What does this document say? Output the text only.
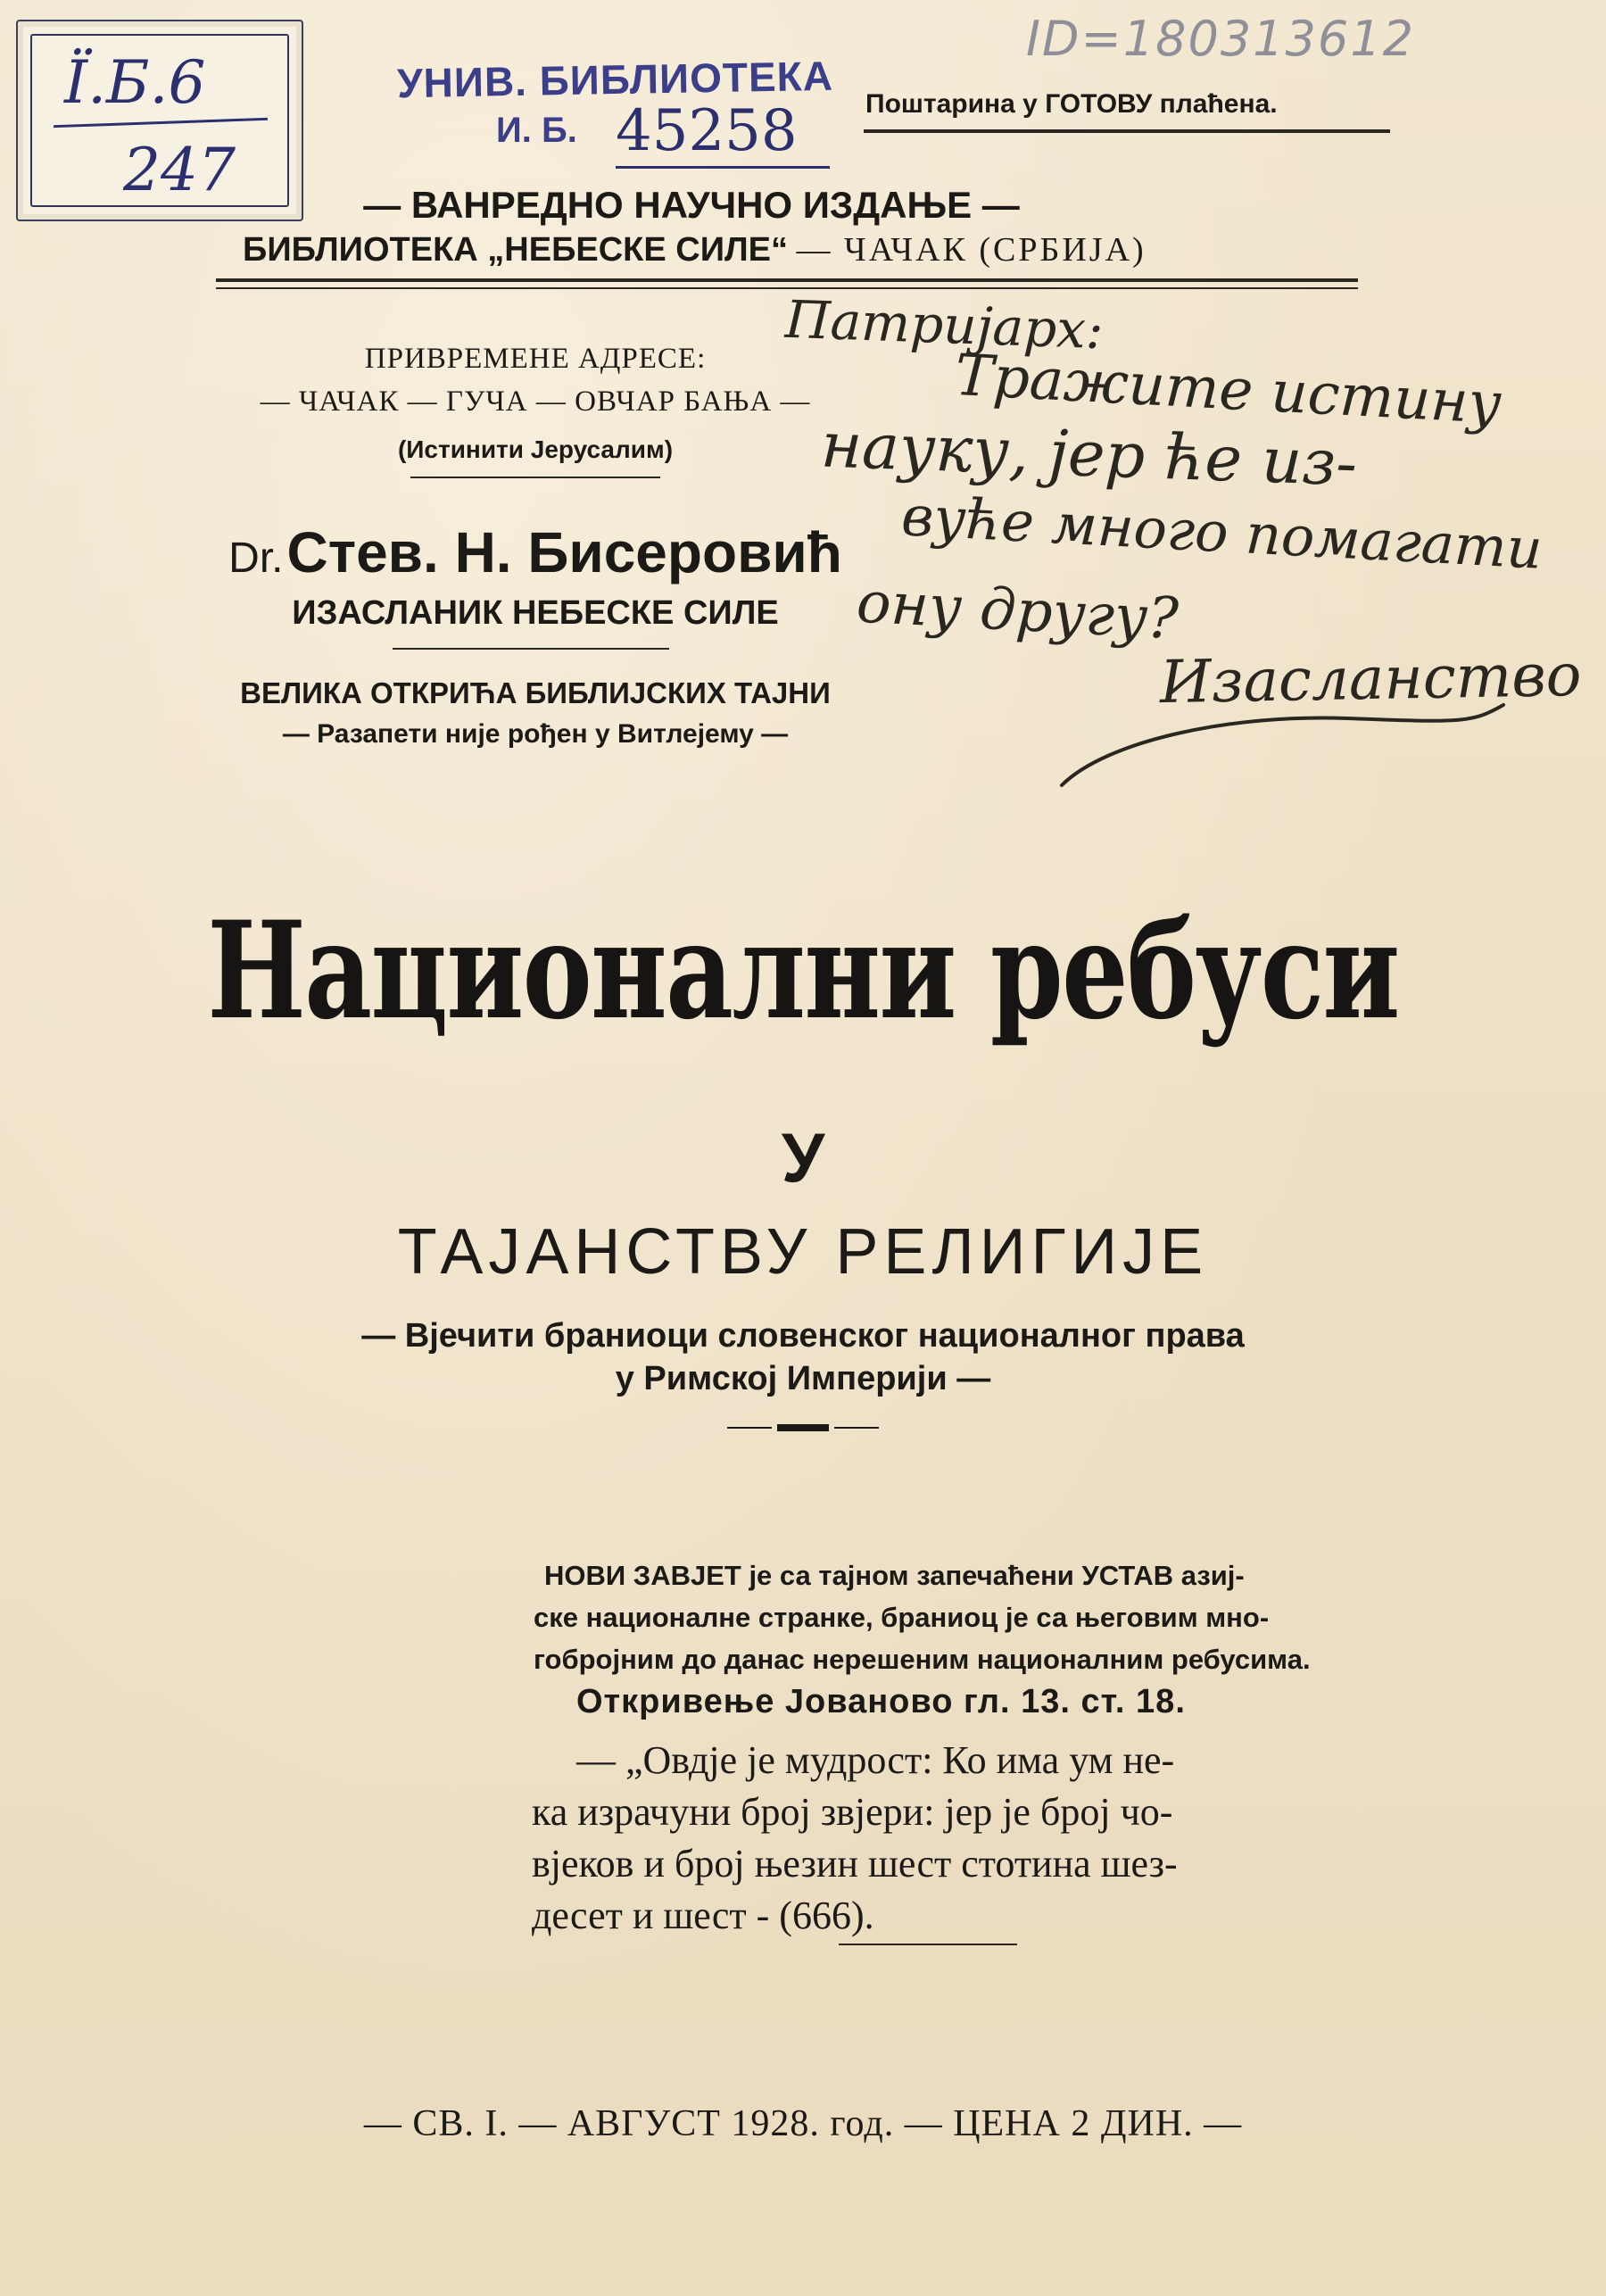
Ї.Б.6
247
УНИВ. БИБЛИОТЕКА
И. Б. 45258
ID=180313612
Поштарина у ГОТОВУ плаћена.
— ВАНРЕДНО НАУЧНО ИЗДАЊЕ —
БИБЛИОТЕКА „НЕБЕСКЕ СИЛЕ“ — ЧАЧАК (СРБИЈА)
ПРИВРЕМЕНЕ АДРЕСЕ:
— ЧАЧАК — ГУЧА — ОВЧАР БАЊА —
(Истинити Јерусалим)
Dr. Стев. Н. Бисеровић
ИЗАСЛАНИК НЕБЕСКЕ СИЛЕ
ВЕЛИКА ОТКРИЋА БИБЛИЈСКИХ ТАЈНИ
— Разапети није рођен у Витлејему —
Патријарх:
Тражите истину
науку, јер ће из-
вуће много помагати
ону другу?
Изасланство
Национални ребуси
У
ТАЈАНСТВУ РЕЛИГИЈЕ
— Вјечити браниоци словенског националног права
у Римској Империји —
НОВИ ЗАВЈЕТ је са тајном запечаћени УСТАВ азиј-
ске националне странке, браниоц је са његовим мно-
гобројним до данас нерешеним националним ребусима.
Откривење Јованово гл. 13. ст. 18.
— „Овдје је мудрост: Ко има ум не-
ка израчуни број звјери: јер је број чо-
вјеков и број њезин шест стотина шез-
десет и шест - (666).
— СВ. I. — АВГУСТ 1928. год. — ЦЕНА 2 ДИН. —
